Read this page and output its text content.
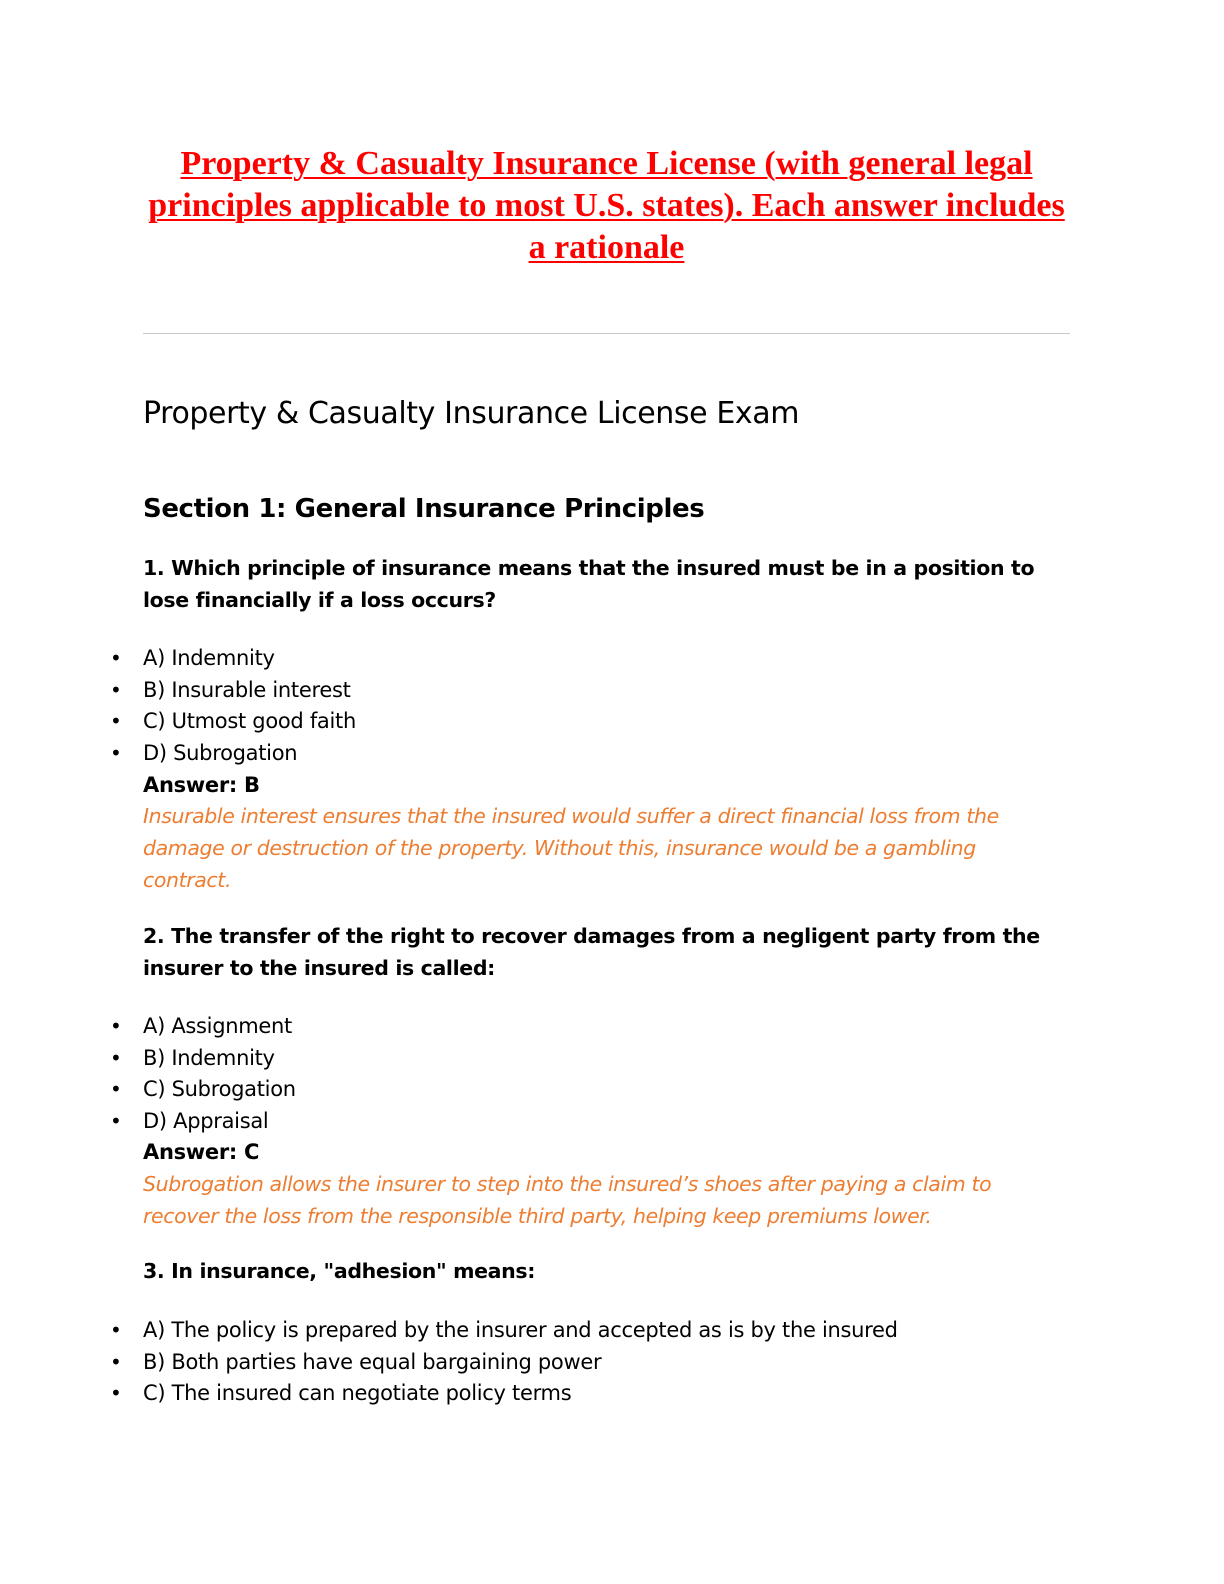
Property & Casualty Insurance License (with general legal principles applicable to most U.S. states). Each answer includes a rationale
Property & Casualty Insurance License Exam
Section 1: General Insurance Principles

1. Which principle of insurance means that the insured must be in a position to lose financially if a loss occurs?

• A) Indemnity
• B) Insurable interest
• C) Utmost good faith
• D) Subrogation

Answer: B

Insurable interest ensures that the insured would suffer a direct financial loss from the damage or destruction of the property. Without this, insurance would be a gambling contract.

2. The transfer of the right to recover damages from a negligent party from the insurer to the insured is called:

• A) Assignment
• B) Indemnity
• C) Subrogation
• D) Appraisal

Answer: C

Subrogation allows the insurer to step into the insured’s shoes after paying a claim to recover the loss from the responsible third party, helping keep premiums lower.

3. In insurance, "adhesion" means:

• A) The policy is prepared by the insurer and accepted as is by the insured
• B) Both parties have equal bargaining power
• C) The insured can negotiate policy terms
